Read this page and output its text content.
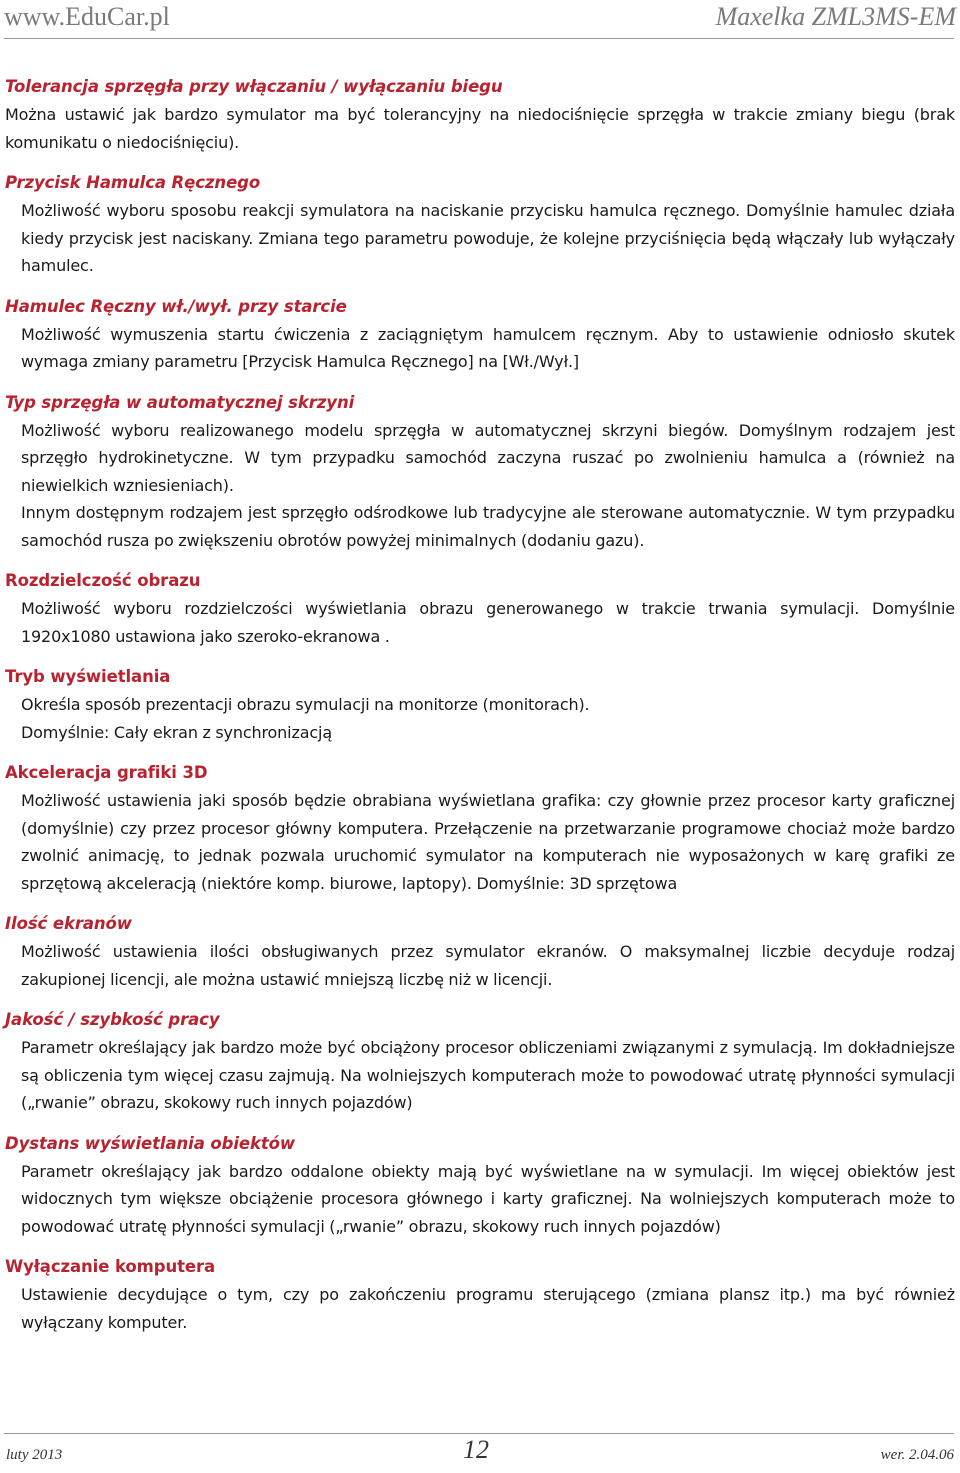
www.EduCar.pl	Maxelka ZML3MS-EM
Tolerancja sprzęgła przy włączaniu / wyłączaniu biegu

Można ustawić jak bardzo symulator ma być tolerancyjny na niedociśnięcie sprzęgła w trakcie zmiany biegu (brak komunikatu o niedociśnięciu).

Przycisk Hamulca Ręcznego

Możliwość wyboru sposobu reakcji symulatora na naciskanie przycisku hamulca ręcznego. Domyślnie hamulec działa kiedy przycisk jest naciskany. Zmiana tego parametru powoduje, że kolejne przyciśnięcia będą włączały lub wyłączały hamulec.

Hamulec Ręczny wł./wył. przy starcie

Możliwość wymuszenia startu ćwiczenia z zaciągniętym hamulcem ręcznym. Aby to ustawienie odniosło skutek wymaga zmiany parametru [Przycisk Hamulca Ręcznego] na [Wł./Wył.]

Typ sprzęgła w automatycznej skrzyni

Możliwość wyboru realizowanego modelu sprzęgła w automatycznej skrzyni biegów. Domyślnym rodzajem jest sprzęgło hydrokinetyczne. W tym przypadku samochód zaczyna ruszać po zwolnieniu hamulca a (również na niewielkich wzniesieniach).

Innym dostępnym rodzajem jest sprzęgło odśrodkowe lub tradycyjne ale sterowane automatycznie. W tym przypadku samochód rusza po zwiększeniu obrotów powyżej minimalnych (dodaniu gazu).

Rozdzielczość obrazu

Możliwość wyboru rozdzielczości wyświetlania obrazu generowanego w trakcie trwania symulacji. Domyślnie 1920x1080 ustawiona jako szeroko-ekranowa .

Tryb wyświetlania

Określa sposób prezentacji obrazu symulacji na monitorze (monitorach).

Domyślnie: Cały ekran z synchronizacją

Akceleracja grafiki 3D

Możliwość ustawienia jaki sposób będzie obrabiana wyświetlana grafika: czy głownie przez procesor karty graficznej (domyślnie) czy przez procesor główny komputera. Przełączenie na przetwarzanie programowe chociaż może bardzo zwolnić animację, to jednak pozwala uruchomić symulator na komputerach nie wyposażonych w karę grafiki ze sprzętową akceleracją (niektóre komp. biurowe, laptopy). Domyślnie: 3D sprzętowa

Ilość ekranów

Możliwość ustawienia ilości obsługiwanych przez symulator ekranów. O maksymalnej liczbie decyduje rodzaj zakupionej licencji, ale można ustawić mniejszą liczbę niż w licencji.

Jakość / szybkość pracy

Parametr określający jak bardzo może być obciążony procesor obliczeniami związanymi z symulacją. Im dokładniejsze są obliczenia tym więcej czasu zajmują. Na wolniejszych komputerach może to powodować utratę płynności symulacji („rwanie” obrazu, skokowy ruch innych pojazdów)

Dystans wyświetlania obiektów

Parametr określający jak bardzo oddalone obiekty mają być wyświetlane na w symulacji. Im więcej obiektów jest widocznych tym większe obciążenie procesora głównego i karty graficznej. Na wolniejszych komputerach może to powodować utratę płynności symulacji („rwanie” obrazu, skokowy ruch innych pojazdów)

Wyłączanie komputera

Ustawienie decydujące o tym, czy po zakończeniu programu sterującego (zmiana plansz itp.) ma być również wyłączany komputer.

luty 2013	12	wer. 2.04.06
